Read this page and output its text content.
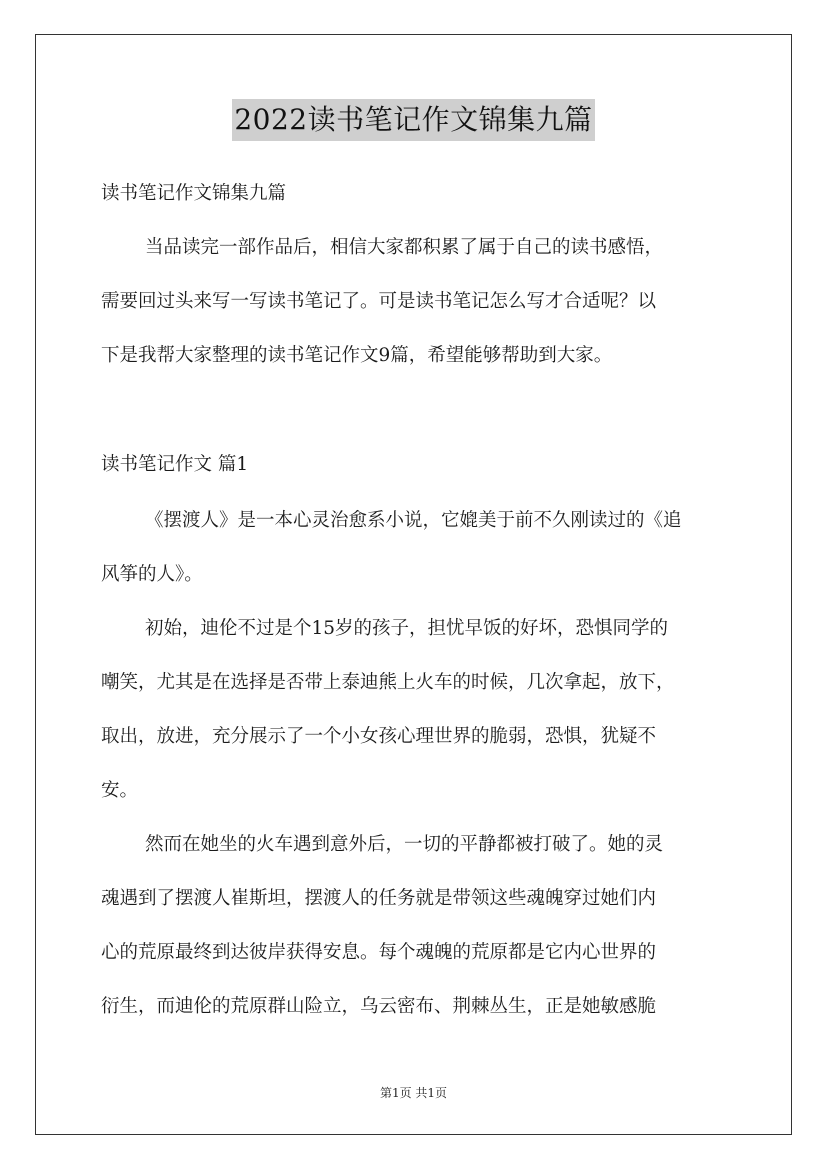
2022读书笔记作文锦集九篇
读书笔记作文锦集九篇
当品读完一部作品后，相信大家都积累了属于自己的读书感悟，
需要回过头来写一写读书笔记了。可是读书笔记怎么写才合适呢？以
下是我帮大家整理的读书笔记作文9篇，希望能够帮助到大家。
读书笔记作文 篇1
《摆渡人》是一本心灵治愈系小说，它媲美于前不久刚读过的《追
风筝的人》。
初始，迪伦不过是个15岁的孩子，担忧早饭的好坏，恐惧同学的
嘲笑，尤其是在选择是否带上泰迪熊上火车的时候，几次拿起，放下，
取出，放进，充分展示了一个小女孩心理世界的脆弱，恐惧，犹疑不
安。
然而在她坐的火车遇到意外后，一切的平静都被打破了。她的灵
魂遇到了摆渡人崔斯坦，摆渡人的任务就是带领这些魂魄穿过她们内
心的荒原最终到达彼岸获得安息。每个魂魄的荒原都是它内心世界的
衍生，而迪伦的荒原群山险立，乌云密布、荆棘丛生，正是她敏感脆
第1页 共1页
